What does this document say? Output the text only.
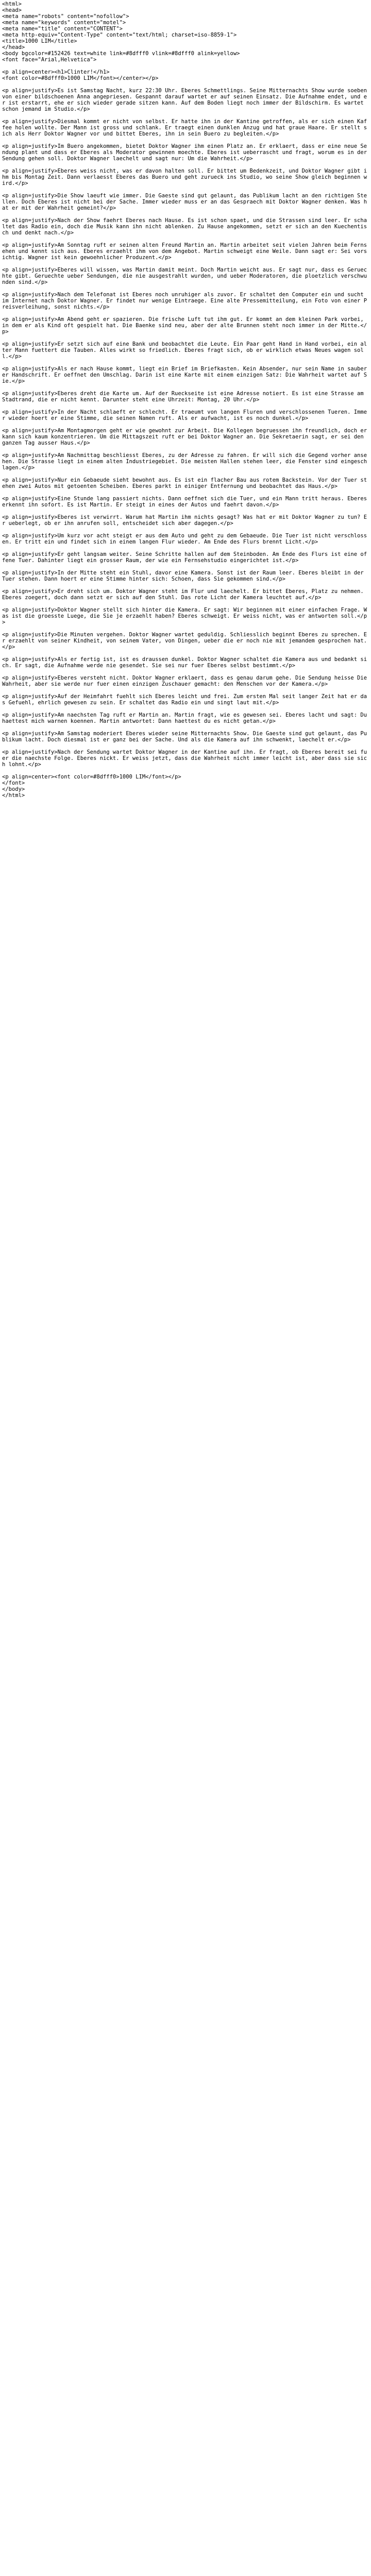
<html>
<head>
<meta name="robots" content="nofollow">
<meta name="keywords" content="motel">
<meta name="title" content="CONTENT">
<meta http-equiv="Content-Type" content="text/html; charset=iso-8859-1">
<title>1000 LIM</title>
</head>
<body bgcolor=#152426 text=white link=#8dfff0 vlink=#8dfff0 alink=yellow>
<font face="Arial,Helvetica">

<p align=center><h1>Clinter!</h1>
<font color=#8dfff0>1000 LIM</font></center></p>

<p align=justify>Es ist Samstag Nacht, kurz 22:30 Uhr. Eberes Schmettlings. Seine Mitternachts Show wurde soeben von einer bildschoenen Anna angepriesen. Gespannt darauf wartet er auf seinen Einsatz. Die Aufnahme endet, und er ist erstarrt, ehe er sich wieder gerade sitzen kann. Auf dem Boden liegt noch immer der Bildschirm. Es wartet schon jemand im Studio.</p>

<p align=justify>Diesmal kommt er nicht von selbst. Er hatte ihn in der Kantine getroffen, als er sich einen Kaffee holen wollte. Der Mann ist gross und schlank. Er traegt einen dunklen Anzug und hat graue Haare. Er stellt sich als Herr Doktor Wagner vor und bittet Eberes, ihn in sein Buero zu begleiten.</p>

<p align=justify>Im Buero angekommen, bietet Doktor Wagner ihm einen Platz an. Er erklaert, dass er eine neue Sendung plant und dass er Eberes als Moderator gewinnen moechte. Eberes ist ueberrascht und fragt, worum es in der Sendung gehen soll. Doktor Wagner laechelt und sagt nur: Um die Wahrheit.</p>

<p align=justify>Eberes weiss nicht, was er davon halten soll. Er bittet um Bedenkzeit, und Doktor Wagner gibt ihm bis Montag Zeit. Dann verlaesst Eberes das Buero und geht zurueck ins Studio, wo seine Show gleich beginnen wird.</p>

<p align=justify>Die Show laeuft wie immer. Die Gaeste sind gut gelaunt, das Publikum lacht an den richtigen Stellen. Doch Eberes ist nicht bei der Sache. Immer wieder muss er an das Gespraech mit Doktor Wagner denken. Was hat er mit der Wahrheit gemeint?</p>

<p align=justify>Nach der Show faehrt Eberes nach Hause. Es ist schon spaet, und die Strassen sind leer. Er schaltet das Radio ein, doch die Musik kann ihn nicht ablenken. Zu Hause angekommen, setzt er sich an den Kuechentisch und denkt nach.</p>

<p align=justify>Am Sonntag ruft er seinen alten Freund Martin an. Martin arbeitet seit vielen Jahren beim Fernsehen und kennt sich aus. Eberes erzaehlt ihm von dem Angebot. Martin schweigt eine Weile. Dann sagt er: Sei vorsichtig. Wagner ist kein gewoehnlicher Produzent.</p>

<p align=justify>Eberes will wissen, was Martin damit meint. Doch Martin weicht aus. Er sagt nur, dass es Geruechte gibt. Geruechte ueber Sendungen, die nie ausgestrahlt wurden, und ueber Moderatoren, die ploetzlich verschwunden sind.</p>

<p align=justify>Nach dem Telefonat ist Eberes noch unruhiger als zuvor. Er schaltet den Computer ein und sucht im Internet nach Doktor Wagner. Er findet nur wenige Eintraege. Eine alte Pressemitteilung, ein Foto von einer Preisverleihung, sonst nichts.</p>

<p align=justify>Am Abend geht er spazieren. Die frische Luft tut ihm gut. Er kommt an dem kleinen Park vorbei, in dem er als Kind oft gespielt hat. Die Baenke sind neu, aber der alte Brunnen steht noch immer in der Mitte.</p>

<p align=justify>Er setzt sich auf eine Bank und beobachtet die Leute. Ein Paar geht Hand in Hand vorbei, ein alter Mann fuettert die Tauben. Alles wirkt so friedlich. Eberes fragt sich, ob er wirklich etwas Neues wagen soll.</p>

<p align=justify>Als er nach Hause kommt, liegt ein Brief im Briefkasten. Kein Absender, nur sein Name in sauberer Handschrift. Er oeffnet den Umschlag. Darin ist eine Karte mit einem einzigen Satz: Die Wahrheit wartet auf Sie.</p>

<p align=justify>Eberes dreht die Karte um. Auf der Rueckseite ist eine Adresse notiert. Es ist eine Strasse am Stadtrand, die er nicht kennt. Darunter steht eine Uhrzeit: Montag, 20 Uhr.</p>

<p align=justify>In der Nacht schlaeft er schlecht. Er traeumt von langen Fluren und verschlossenen Tueren. Immer wieder hoert er eine Stimme, die seinen Namen ruft. Als er aufwacht, ist es noch dunkel.</p>

<p align=justify>Am Montagmorgen geht er wie gewohnt zur Arbeit. Die Kollegen begruessen ihn freundlich, doch er kann sich kaum konzentrieren. Um die Mittagszeit ruft er bei Doktor Wagner an. Die Sekretaerin sagt, er sei den ganzen Tag ausser Haus.</p>

<p align=justify>Am Nachmittag beschliesst Eberes, zu der Adresse zu fahren. Er will sich die Gegend vorher ansehen. Die Strasse liegt in einem alten Industriegebiet. Die meisten Hallen stehen leer, die Fenster sind eingeschlagen.</p>

<p align=justify>Nur ein Gebaeude sieht bewohnt aus. Es ist ein flacher Bau aus rotem Backstein. Vor der Tuer stehen zwei Autos mit getoenten Scheiben. Eberes parkt in einiger Entfernung und beobachtet das Haus.</p>

<p align=justify>Eine Stunde lang passiert nichts. Dann oeffnet sich die Tuer, und ein Mann tritt heraus. Eberes erkennt ihn sofort. Es ist Martin. Er steigt in eines der Autos und faehrt davon.</p>

<p align=justify>Eberes ist verwirrt. Warum hat Martin ihm nichts gesagt? Was hat er mit Doktor Wagner zu tun? Er ueberlegt, ob er ihn anrufen soll, entscheidet sich aber dagegen.</p>

<p align=justify>Um kurz vor acht steigt er aus dem Auto und geht zu dem Gebaeude. Die Tuer ist nicht verschlossen. Er tritt ein und findet sich in einem langen Flur wieder. Am Ende des Flurs brennt Licht.</p>

<p align=justify>Er geht langsam weiter. Seine Schritte hallen auf dem Steinboden. Am Ende des Flurs ist eine offene Tuer. Dahinter liegt ein grosser Raum, der wie ein Fernsehstudio eingerichtet ist.</p>

<p align=justify>In der Mitte steht ein Stuhl, davor eine Kamera. Sonst ist der Raum leer. Eberes bleibt in der Tuer stehen. Dann hoert er eine Stimme hinter sich: Schoen, dass Sie gekommen sind.</p>

<p align=justify>Er dreht sich um. Doktor Wagner steht im Flur und laechelt. Er bittet Eberes, Platz zu nehmen. Eberes zoegert, doch dann setzt er sich auf den Stuhl. Das rote Licht der Kamera leuchtet auf.</p>

<p align=justify>Doktor Wagner stellt sich hinter die Kamera. Er sagt: Wir beginnen mit einer einfachen Frage. Was ist die groesste Luege, die Sie je erzaehlt haben? Eberes schweigt. Er weiss nicht, was er antworten soll.</p>

<p align=justify>Die Minuten vergehen. Doktor Wagner wartet geduldig. Schliesslich beginnt Eberes zu sprechen. Er erzaehlt von seiner Kindheit, von seinem Vater, von Dingen, ueber die er noch nie mit jemandem gesprochen hat.</p>

<p align=justify>Als er fertig ist, ist es draussen dunkel. Doktor Wagner schaltet die Kamera aus und bedankt sich. Er sagt, die Aufnahme werde nie gesendet. Sie sei nur fuer Eberes selbst bestimmt.</p>

<p align=justify>Eberes versteht nicht. Doktor Wagner erklaert, dass es genau darum gehe. Die Sendung heisse Die Wahrheit, aber sie werde nur fuer einen einzigen Zuschauer gemacht: den Menschen vor der Kamera.</p>

<p align=justify>Auf der Heimfahrt fuehlt sich Eberes leicht und frei. Zum ersten Mal seit langer Zeit hat er das Gefuehl, ehrlich gewesen zu sein. Er schaltet das Radio ein und singt laut mit.</p>

<p align=justify>Am naechsten Tag ruft er Martin an. Martin fragt, wie es gewesen sei. Eberes lacht und sagt: Du haettest mich warnen koennen. Martin antwortet: Dann haettest du es nicht getan.</p>

<p align=justify>Am Samstag moderiert Eberes wieder seine Mitternachts Show. Die Gaeste sind gut gelaunt, das Publikum lacht. Doch diesmal ist er ganz bei der Sache. Und als die Kamera auf ihn schwenkt, laechelt er.</p>

<p align=justify>Nach der Sendung wartet Doktor Wagner in der Kantine auf ihn. Er fragt, ob Eberes bereit sei fuer die naechste Folge. Eberes nickt. Er weiss jetzt, dass die Wahrheit nicht immer leicht ist, aber dass sie sich lohnt.</p>

<p align=center><font color=#8dfff0>1000 LIM</font></p>
</font>
</body>
</html>
